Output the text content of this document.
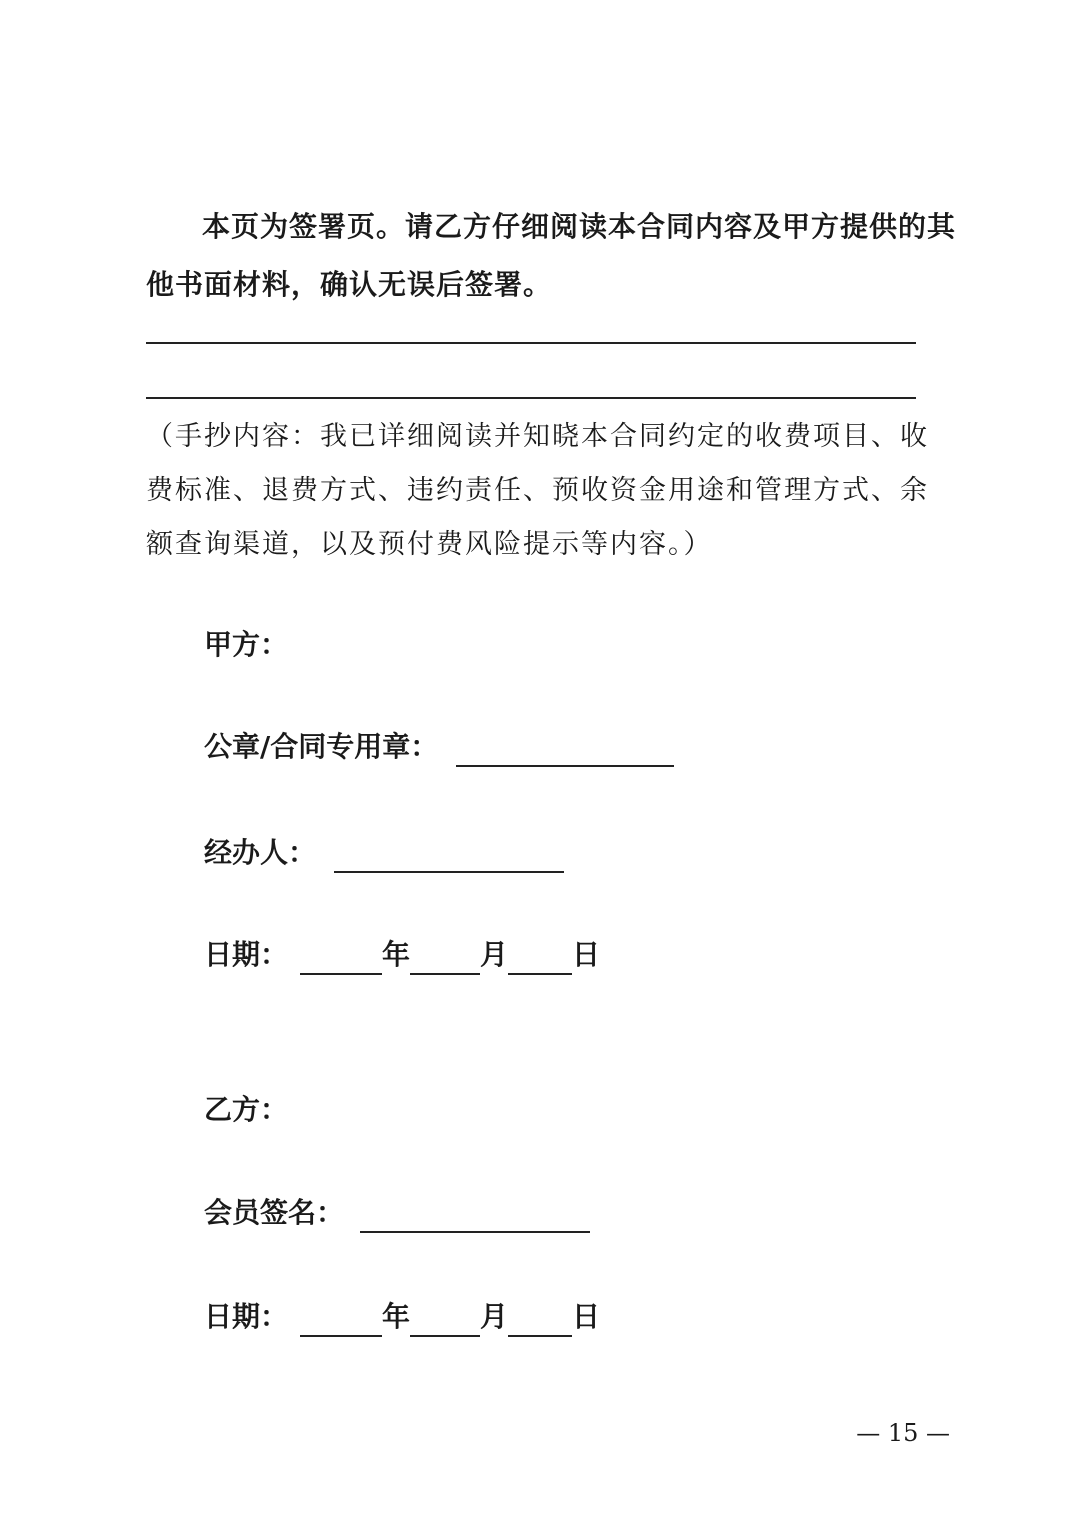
本页为签署页。请乙方仔细阅读本合同内容及甲方提供的其他书面材料，确认无误后签署。

（手抄内容：我已详细阅读并知晓本合同约定的收费项目、收费标准、退费方式、违约责任、预收资金用途和管理方式、余额查询渠道，以及预付费风险提示等内容。）

甲方：
公章/合同专用章：
经办人：
日期：	年	月 日
乙方：
会员签名：
日期：	年	月 日
— 15 —
